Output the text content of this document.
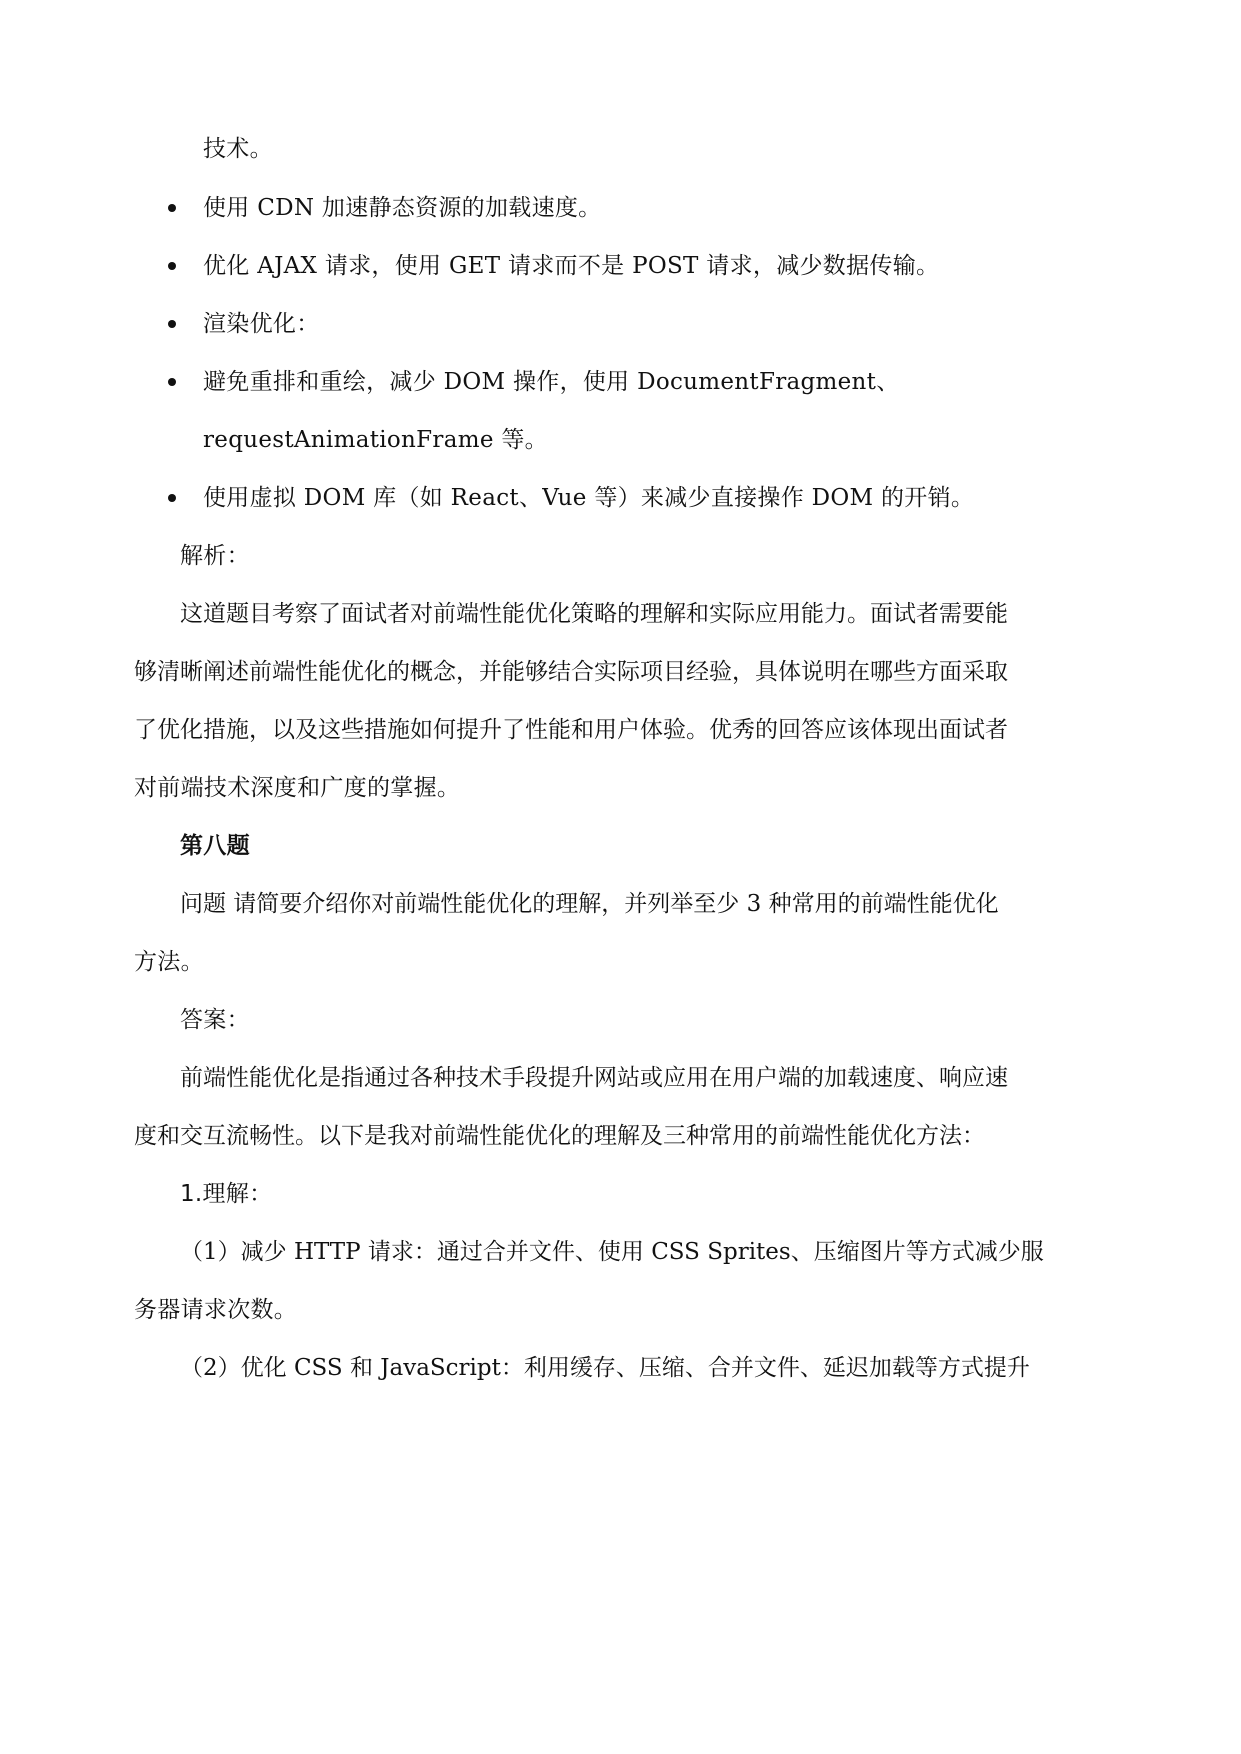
技术。
使用 CDN 加速静态资源的加载速度。
优化 AJAX 请求，使用 GET 请求而不是 POST 请求，减少数据传输。
渲染优化：
避免重排和重绘，减少 DOM 操作，使用 DocumentFragment、
requestAnimationFrame 等。
使用虚拟 DOM 库（如 React、Vue 等）来减少直接操作 DOM 的开销。
解析：
这道题目考察了面试者对前端性能优化策略的理解和实际应用能力。面试者需要能
够清晰阐述前端性能优化的概念，并能够结合实际项目经验，具体说明在哪些方面采取
了优化措施，以及这些措施如何提升了性能和用户体验。优秀的回答应该体现出面试者
对前端技术深度和广度的掌握。
第八题
问题 请简要介绍你对前端性能优化的理解，并列举至少 3 种常用的前端性能优化
方法。
答案：
前端性能优化是指通过各种技术手段提升网站或应用在用户端的加载速度、响应速
度和交互流畅性。以下是我对前端性能优化的理解及三种常用的前端性能优化方法：
1.理解：
（1）减少 HTTP 请求：通过合并文件、使用 CSS Sprites、压缩图片等方式减少服
务器请求次数。
（2）优化 CSS 和 JavaScript：利用缓存、压缩、合并文件、延迟加载等方式提升
